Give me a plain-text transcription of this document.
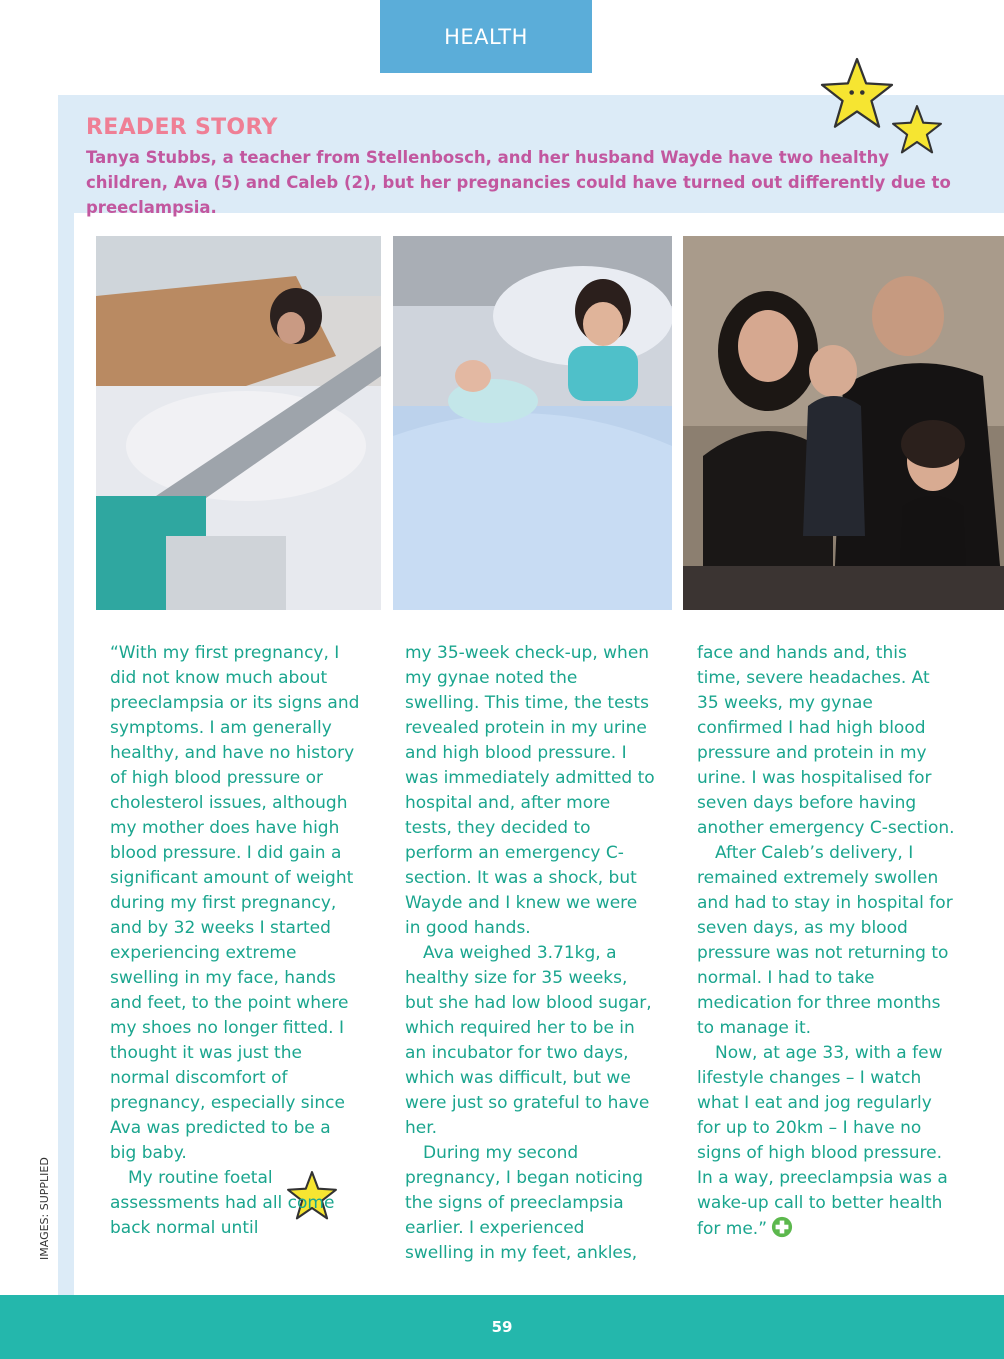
HEALTH
READER STORY
Tanya Stubbs, a teacher from Stellenbosch, and her husband Wayde have two healthy children, Ava (5) and Caleb (2), but her pregnancies could have turned out differently due to preeclampsia.

“With my first pregnancy, I did not know much about preeclampsia or its signs and symptoms. I am generally healthy, and have no history of high blood pressure or cholesterol issues, although my mother does have high blood pressure. I did gain a significant amount of weight during my first pregnancy, and by 32 weeks I started experiencing extreme swelling in my face, hands and feet, to the point where my shoes no longer fitted. I thought it was just the normal discomfort of pregnancy, especially since Ava was predicted to be a big baby.

My routine foetal assessments had all come back normal until

my 35-week check-up, when my gynae noted the swelling. This time, the tests revealed protein in my urine and high blood pressure. I was immediately admitted to hospital and, after more tests, they decided to perform an emergency C-section. It was a shock, but Wayde and I knew we were in good hands.

Ava weighed 3.71kg, a healthy size for 35 weeks, but she had low blood sugar, which required her to be in an incubator for two days, which was difficult, but we were just so grateful to have her.

During my second pregnancy, I began noticing the signs of preeclampsia earlier. I experienced swelling in my feet, ankles,

face and hands and, this time, severe headaches. At 35 weeks, my gynae confirmed I had high blood pressure and protein in my urine. I was hospitalised for seven days before having another emergency C-section.

After Caleb’s delivery, I remained extremely swollen and had to stay in hospital for seven days, as my blood pressure was not returning to normal. I had to take medication for three months to manage it.

Now, at age 33, with a few lifestyle changes – I watch what I eat and jog regularly for up to 20km – I have no signs of high blood pressure. In a way, preeclampsia was a wake-up call to better health for me.”

IMAGES: SUPPLIED
59
